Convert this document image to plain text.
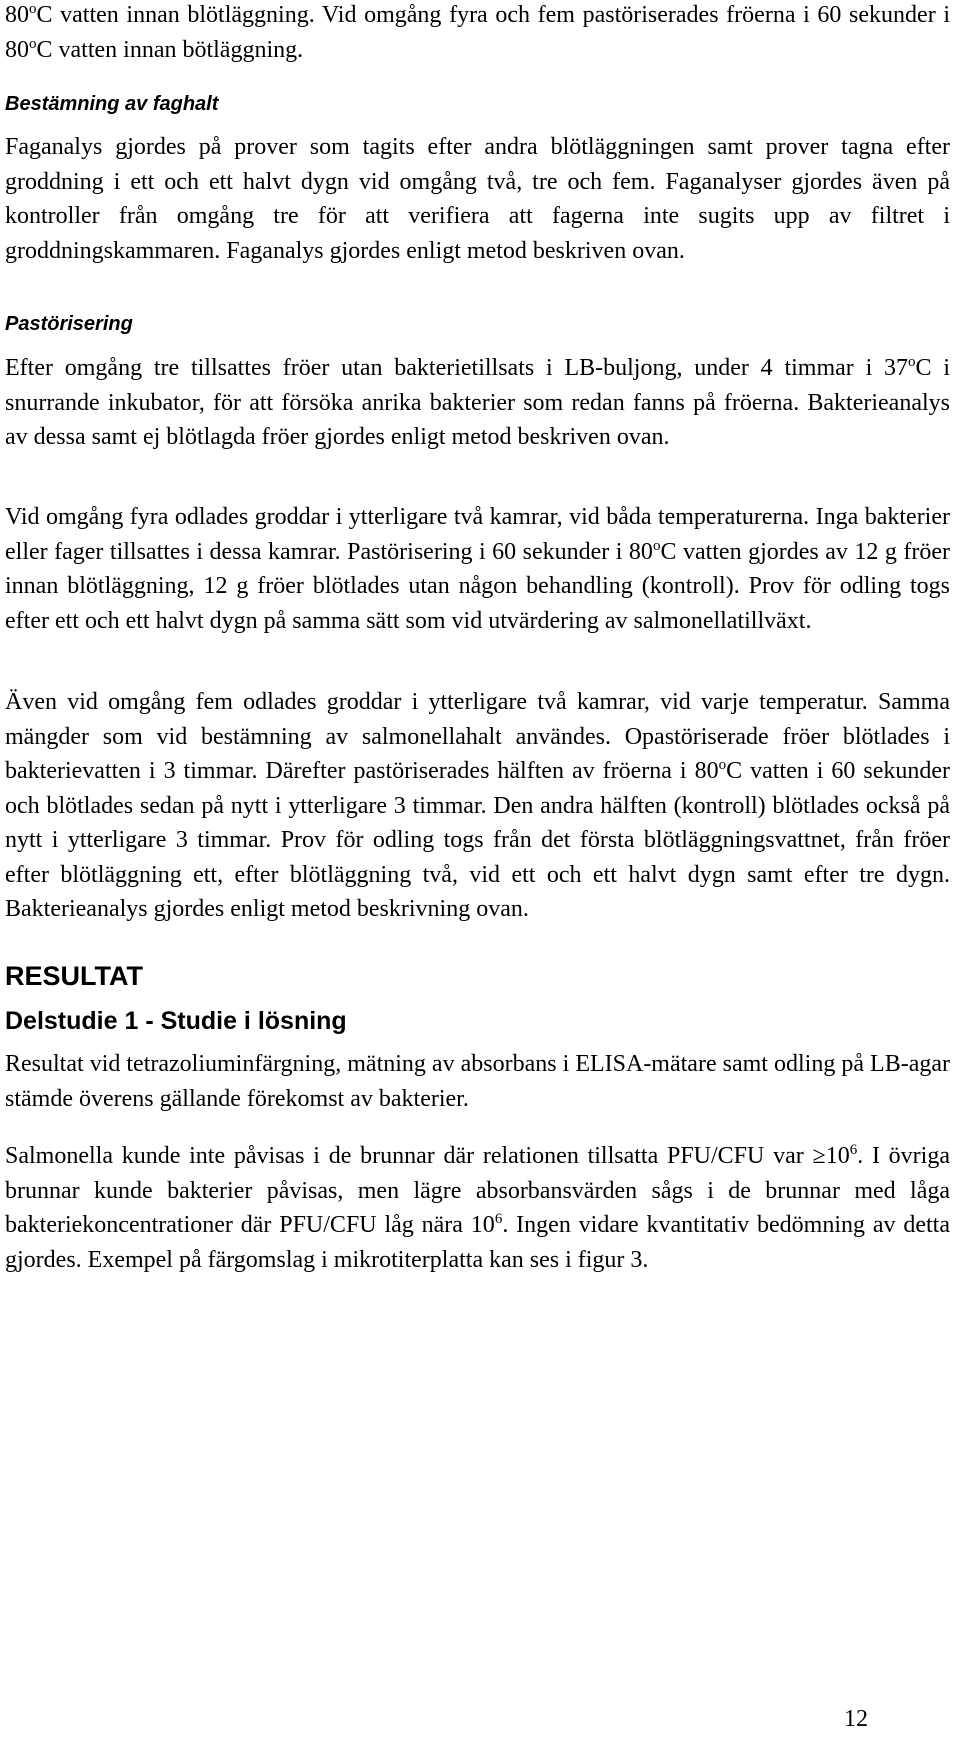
80$^o$C vatten innan blötläggning. Vid omgång fyra och fem pastöriserades fröerna i 60 sekunder i 80$^o$C vatten innan bötläggning.

Bestämning av faghalt

Faganalys gjordes på prover som tagits efter andra blötläggningen samt prover tagna efter groddning i ett och ett halvt dygn vid omgång två, tre och fem. Faganalyser gjordes även på kontroller från omgång tre för att verifiera att fagerna inte sugits upp av filtret i groddningskammaren. Faganalys gjordes enligt metod beskriven ovan.

Pastörisering

Efter omgång tre tillsattes fröer utan bakterietillsats i LB-buljong, under 4 timmar i 37$^o$C i snurrande inkubator, för att försöka anrika bakterier som redan fanns på fröerna. Bakterieanalys av dessa samt ej blötlagda fröer gjordes enligt metod beskriven ovan.

Vid omgång fyra odlades groddar i ytterligare två kamrar, vid båda temperaturerna. Inga bakterier eller fager tillsattes i dessa kamrar. Pastörisering i 60 sekunder i 80$^o$C vatten gjordes av 12 g fröer innan blötläggning, 12 g fröer blötlades utan någon behandling (kontroll). Prov för odling togs efter ett och ett halvt dygn på samma sätt som vid utvärdering av salmonellatillväxt.

Även vid omgång fem odlades groddar i ytterligare två kamrar, vid varje temperatur. Samma mängder som vid bestämning av salmonellahalt användes. Opastöriserade fröer blötlades i bakterievatten i 3 timmar. Därefter pastöriserades hälften av fröerna i 80$^o$C vatten i 60 sekunder och blötlades sedan på nytt i ytterligare 3 timmar. Den andra hälften (kontroll) blötlades också på nytt i ytterligare 3 timmar. Prov för odling togs från det första blötläggningsvattnet, från fröer efter blötläggning ett, efter blötläggning två, vid ett och ett halvt dygn samt efter tre dygn. Bakterieanalys gjordes enligt metod beskrivning ovan.

RESULTAT
Delstudie 1 - Studie i lösning

Resultat vid tetrazoliuminfärgning, mätning av absorbans i ELISA-mätare samt odling på LB-agar stämde överens gällande förekomst av bakterier.

Salmonella kunde inte påvisas i de brunnar där relationen tillsatta PFU/CFU var $\ge 10^6$. I övriga brunnar kunde bakterier påvisas, men lägre absorbansvärden sågs i de brunnar med låga bakteriekoncentrationer där PFU/CFU låg nära $10^6$. Ingen vidare kvantitativ bedömning av detta gjordes. Exempel på färgomslag i mikrotiterplatta kan ses i figur 3.

12
